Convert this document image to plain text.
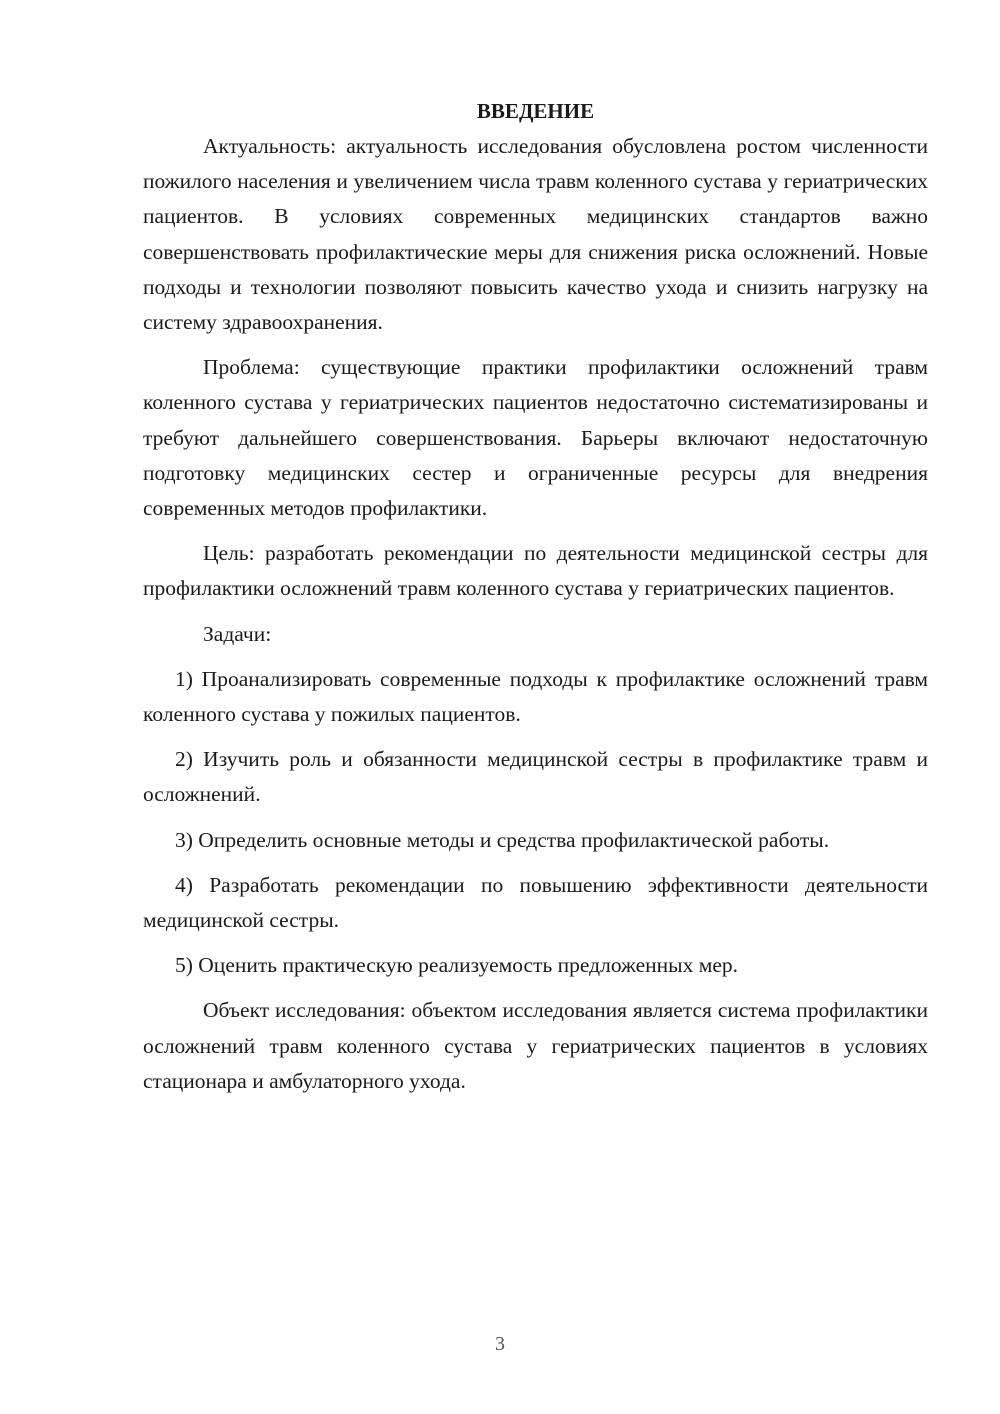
ВВЕДЕНИЕ

Актуальность: актуальность исследования обусловлена ростом численности пожилого населения и увеличением числа травм коленного сустава у гериатрических пациентов. В условиях современных медицинских стандартов важно совершенствовать профилактические меры для снижения риска осложнений. Новые подходы и технологии позволяют повысить качество ухода и снизить нагрузку на систему здравоохранения.

Проблема: существующие практики профилактики осложнений травм коленного сустава у гериатрических пациентов недостаточно систематизированы и требуют дальнейшего совершенствования. Барьеры включают недостаточную подготовку медицинских сестер и ограниченные ресурсы для внедрения современных методов профилактики.

Цель: разработать рекомендации по деятельности медицинской сестры для профилактики осложнений травм коленного сустава у гериатрических пациентов.

Задачи:

1) Проанализировать современные подходы к профилактике осложнений травм коленного сустава у пожилых пациентов.

2) Изучить роль и обязанности медицинской сестры в профилактике травм и осложнений.

3) Определить основные методы и средства профилактической работы.

4) Разработать рекомендации по повышению эффективности деятельности медицинской сестры.

5) Оценить практическую реализуемость предложенных мер.

Объект исследования: объектом исследования является система профилактики осложнений травм коленного сустава у гериатрических пациентов в условиях стационара и амбулаторного ухода.

3
